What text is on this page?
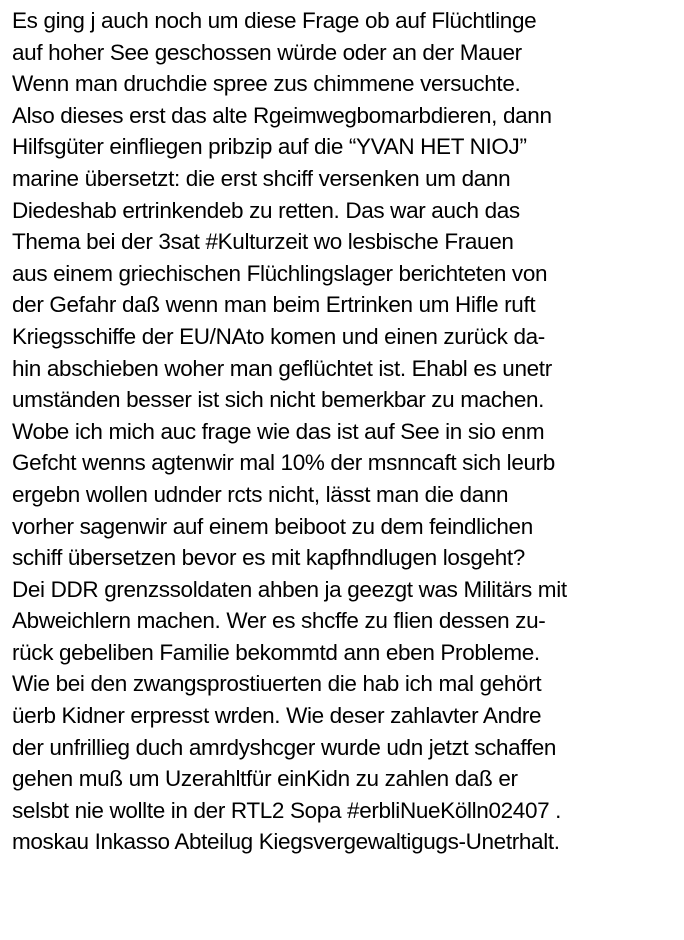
Es ging j auch noch um diese Frage ob auf Flüchtlinge
auf hoher See geschossen würde oder an der Mauer
Wenn man druchdie spree zus chimmene versuchte.
Also dieses erst das alte Rgeimwegbomarbdieren, dann
Hilfsgüter einfliegen pribzip auf die “YVAN HET NIOJ”
marine übersetzt: die erst shciff versenken um dann
Diedeshab ertrinkendeb zu retten. Das war auch das
Thema bei der 3sat #Kulturzeit wo lesbische Frauen
aus einem griechischen Flüchlingslager berichteten von
der Gefahr daß wenn man beim Ertrinken um Hifle ruft
Kriegsschiffe der EU/NAto komen und einen zurück da-
hin abschieben woher man geflüchtet ist. Ehabl es unetr
umständen besser ist sich nicht bemerkbar zu machen.
Wobe ich mich auc frage wie das ist auf See in sio enm
Gefcht wenns agtenwir mal 10% der msnncaft sich leurb
ergebn wollen udnder rcts nicht, lässt man die dann
vorher sagenwir auf einem beiboot zu dem feindlichen
schiff übersetzen bevor es mit kapfhndlugen losgeht?
Dei DDR grenzssoldaten ahben ja geezgt was Militärs mit
Abweichlern machen. Wer es shcffe zu flien dessen zu-
rück gebeliben Familie bekommtd ann eben Probleme.
Wie bei den zwangsprostiuerten die hab ich mal gehört
üerb Kidner erpresst wrden. Wie deser zahlavter Andre
der unfrillieg duch amrdyshcger wurde udn jetzt schaffen
gehen muß um Uzerahltfür einKidn zu zahlen daß er
selsbt nie wollte in der RTL2 Sopa #erbliNueKölln02407 .
moskau Inkasso Abteilug Kiegsvergewaltigugs-Unetrhalt.
